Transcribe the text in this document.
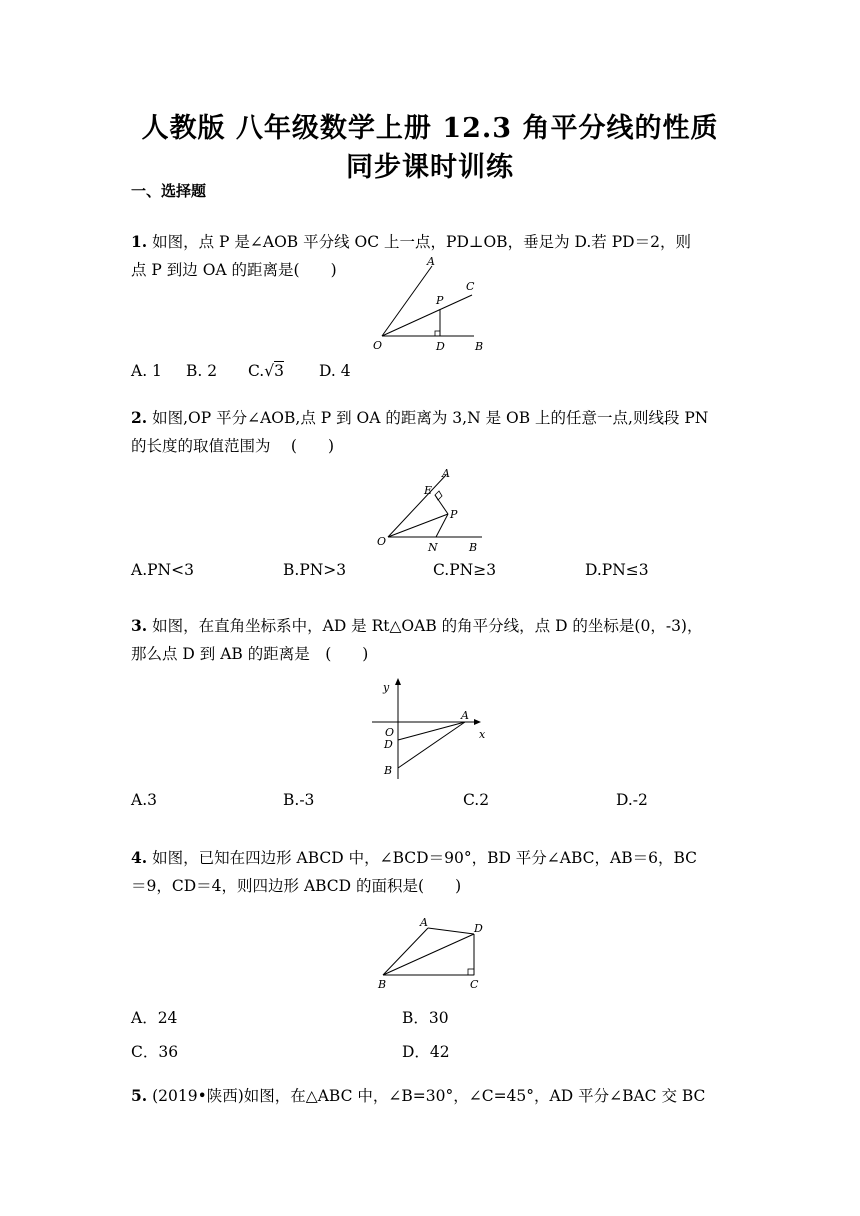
人教版 八年级数学上册 12.3 角平分线的性质
同步课时训练
一、选择题
1. 如图，点 P 是∠AOB 平分线 OC 上一点，PD⊥OB，垂足为 D.若 PD＝2，则
点 P 到边 OA 的距离是(　　)	A
C
P
O	D	B
A. 1 B. 2 C.√3 D. 4
2. 如图,OP 平分∠AOB,点 P 到 OA 的距离为 3,N 是 OB 上的任意一点,则线段 PN
的长度的取值范围为　 (　　)
A
E
P
O	N	B
A.PN<3	B.PN>3	C.PN≥3	D.PN≤3
3. 如图，在直角坐标系中，AD 是 Rt△OAB 的角平分线，点 D 的坐标是(0，-3)，
那么点 D 到 AB 的距离是　(　　)
y
x
A
O
D
B
A.3	B.-3	C.2	D.-2
4. 如图，已知在四边形 ABCD 中，∠BCD＝90°，BD 平分∠ABC，AB＝6，BC
＝9，CD＝4，则四边形 ABCD 的面积是(　　)
A	D
B	C
A．24	B．30
C．36	D．42
5. (2019•陕西)如图，在△ABC 中，∠B=30°，∠C=45°，AD 平分∠BAC 交 BC
